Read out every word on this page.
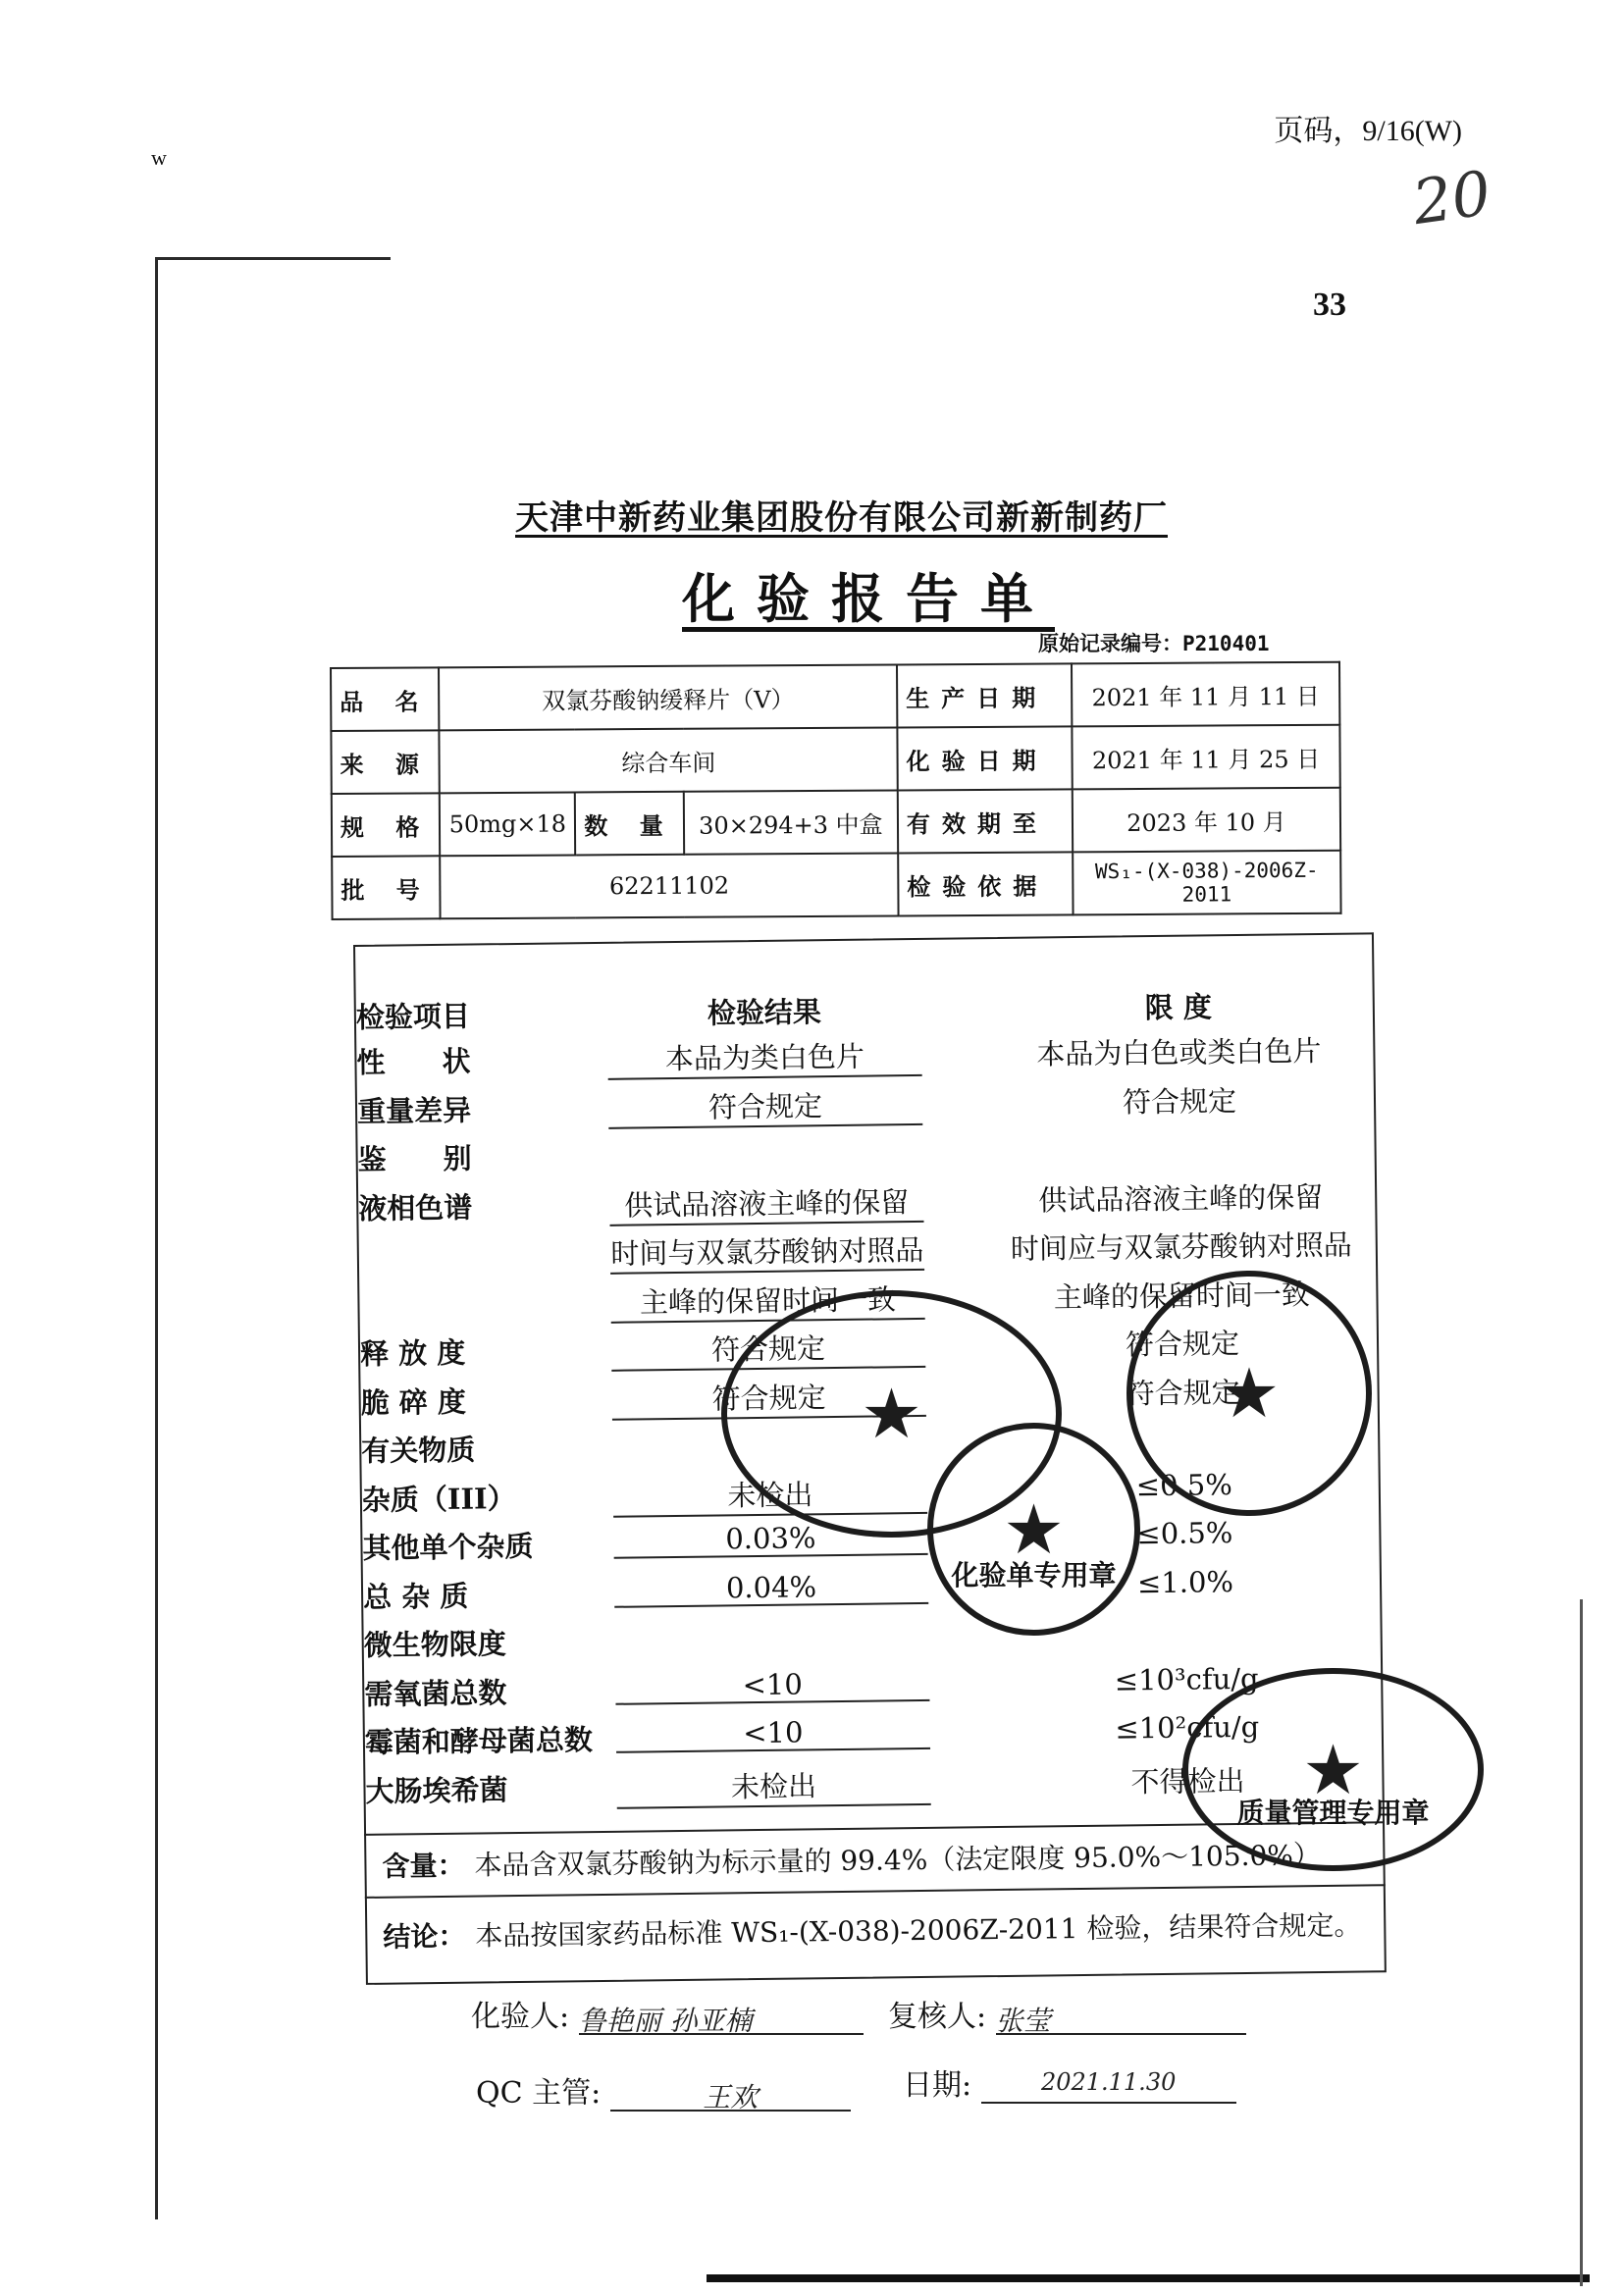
页码，9/16(W)
w	20
33
天津中新药业集团股份有限公司新新制药厂
化验报告单
原始记录编号：P210401
品 名	双氯芬酸钠缓释片（V）			生产日期	2021 年 11 月 11 日
来 源	综合车间			化验日期	2021 年 11 月 25 日
规 格	50mg×18	数 量	30×294+3 中盒	有效期至	2023 年 10 月
批 号	62211102			检验依据	WS₁-(X-038)-2006Z-2011
检验项目	检验结果	限 度
性　　状	本品为类白色片	本品为白色或类白色片
重量差异	符合规定	符合规定
鉴　　别
液相色谱	供试品溶液主峰的保留	供试品溶液主峰的保留
时间与双氯芬酸钠对照品	时间应与双氯芬酸钠对照品
主峰的保留时间一致	主峰的保留时间一致
释 放 度	符合规定	符合规定
脆 碎 度	符合规定	符合规定
有关物质
杂质（III）	未检出	≤0.5%
其他单个杂质	0.03%	≤0.5%
总 杂 质	0.04%	≤1.0%
微生物限度
需氧菌总数	<10	≤10³cfu/g
霉菌和酵母菌总数	<10	≤10²cfu/g
大肠埃希菌	未检出	不得检出
含量： 本品含双氯芬酸钠为标示量的 99.4%（法定限度 95.0%～105.0%）
结论： 本品按国家药品标准 WS₁-(X-038)-2006Z-2011 检验，结果符合规定。
★	★
★
化验单专用章
★
质量管理专用章
化验人: 鲁艳丽 孙亚楠	复核人: 张莹
QC 主管:	王欢	日期:	2021.11.30
